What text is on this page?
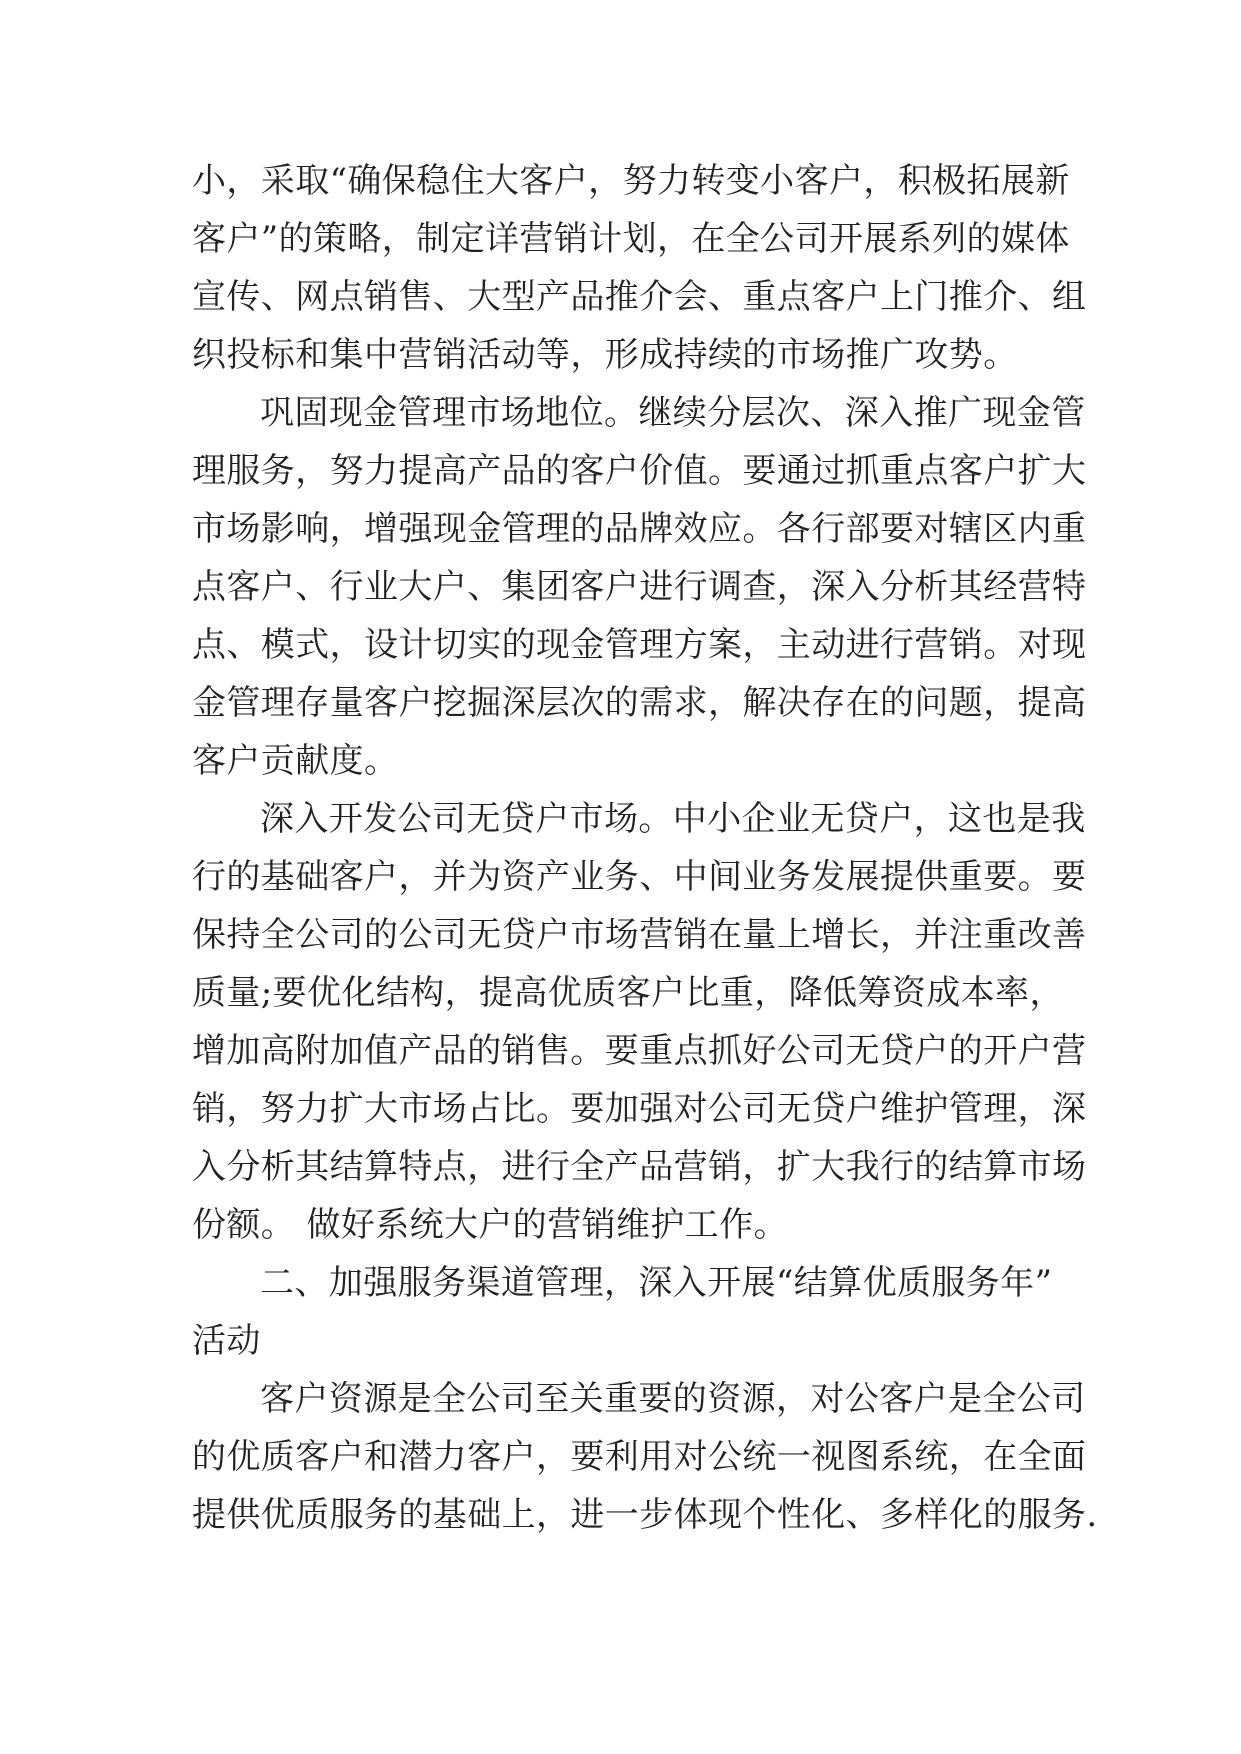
小，采取“确保稳住大客户，努力转变小客户，积极拓展新
客户”的策略，制定详营销计划，在全公司开展系列的媒体
宣传、网点销售、大型产品推介会、重点客户上门推介、组
织投标和集中营销活动等，形成持续的市场推广攻势。

巩固现金管理市场地位。继续分层次、深入推广现金管
理服务，努力提高产品的客户价值。要通过抓重点客户扩大
市场影响，增强现金管理的品牌效应。各行部要对辖区内重
点客户、行业大户、集团客户进行调查，深入分析其经营特
点、模式，设计切实的现金管理方案，主动进行营销。对现
金管理存量客户挖掘深层次的需求，解决存在的问题，提高
客户贡献度。

深入开发公司无贷户市场。中小企业无贷户，这也是我
行的基础客户，并为资产业务、中间业务发展提供重要。要
保持全公司的公司无贷户市场营销在量上增长，并注重改善
质量;要优化结构，提高优质客户比重，降低筹资成本率，
增加高附加值产品的销售。要重点抓好公司无贷户的开户营
销，努力扩大市场占比。要加强对公司无贷户维护管理，深
入分析其结算特点，进行全产品营销，扩大我行的结算市场
份额。 做好系统大户的营销维护工作。

二、加强服务渠道管理，深入开展“结算优质服务年”
活动

客户资源是全公司至关重要的资源，对公客户是全公司
的优质客户和潜力客户，要利用对公统一视图系统，在全面
提供优质服务的基础上，进一步体现个性化、多样化的服务.
